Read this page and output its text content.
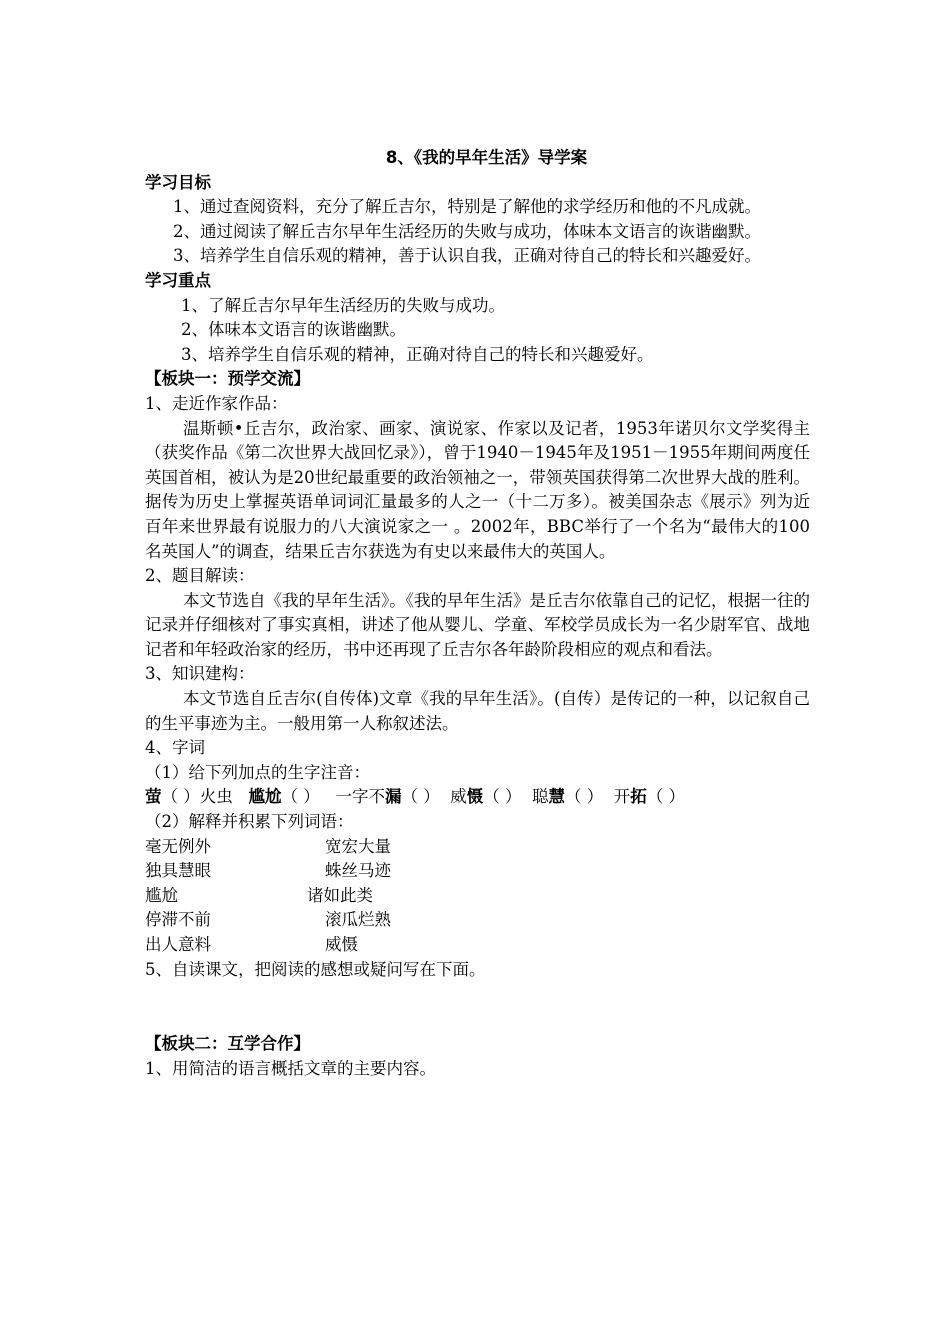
8、《我的早年生活》导学案
学习目标

1、通过查阅资料，充分了解丘吉尔，特别是了解他的求学经历和他的不凡成就。

2、通过阅读了解丘吉尔早年生活经历的失败与成功，体味本文语言的诙谐幽默。

3、培养学生自信乐观的精神，善于认识自我，正确对待自己的特长和兴趣爱好。

学习重点

1、了解丘吉尔早年生活经历的失败与成功。

2、体味本文语言的诙谐幽默。

3、培养学生自信乐观的精神，正确对待自己的特长和兴趣爱好。

【板块一：预学交流】

1、走近作家作品：

温斯顿•丘吉尔，政治家、画家、演说家、作家以及记者，1953年诺贝尔文学奖得主（获奖作品《第二次世界大战回忆录》），曾于1940－1945年及1951－1955年期间两度任英国首相，被认为是20世纪最重要的政治领袖之一，带领英国获得第二次世界大战的胜利。据传为历史上掌握英语单词词汇量最多的人之一（十二万多）。被美国杂志《展示》列为近百年来世界最有说服力的八大演说家之一 。2002年，BBC举行了一个名为“最伟大的100名英国人”的调查，结果丘吉尔获选为有史以来最伟大的英国人。

2、题目解读：

本文节选自《我的早年生活》。《我的早年生活》是丘吉尔依靠自己的记忆，根据一往的记录并仔细核对了事实真相，讲述了他从婴儿、学童、军校学员成长为一名少尉军官、战地记者和年轻政治家的经历，书中还再现了丘吉尔各年龄阶段相应的观点和看法。

3、知识建构：

本文节选自丘吉尔(自传体)文章《我的早年生活》。(自传）是传记的一种，以记叙自己的生平事迹为主。一般用第一人称叙述法。

4、字词

（1）给下列加点的生字注音：

萤（ ）火虫 尴尬（ ） 一字不漏（ ） 威慑（ ） 聪慧（ ） 开拓（ ）

（2）解释并积累下列词语：

毫无例外	宽宏大量
独具慧眼	蛛丝马迹
尴尬	诸如此类
停滞不前	滚瓜烂熟
出人意料	威慑

5、自读课文，把阅读的感想或疑问写在下面。

【板块二：互学合作】

1、用简洁的语言概括文章的主要内容。
